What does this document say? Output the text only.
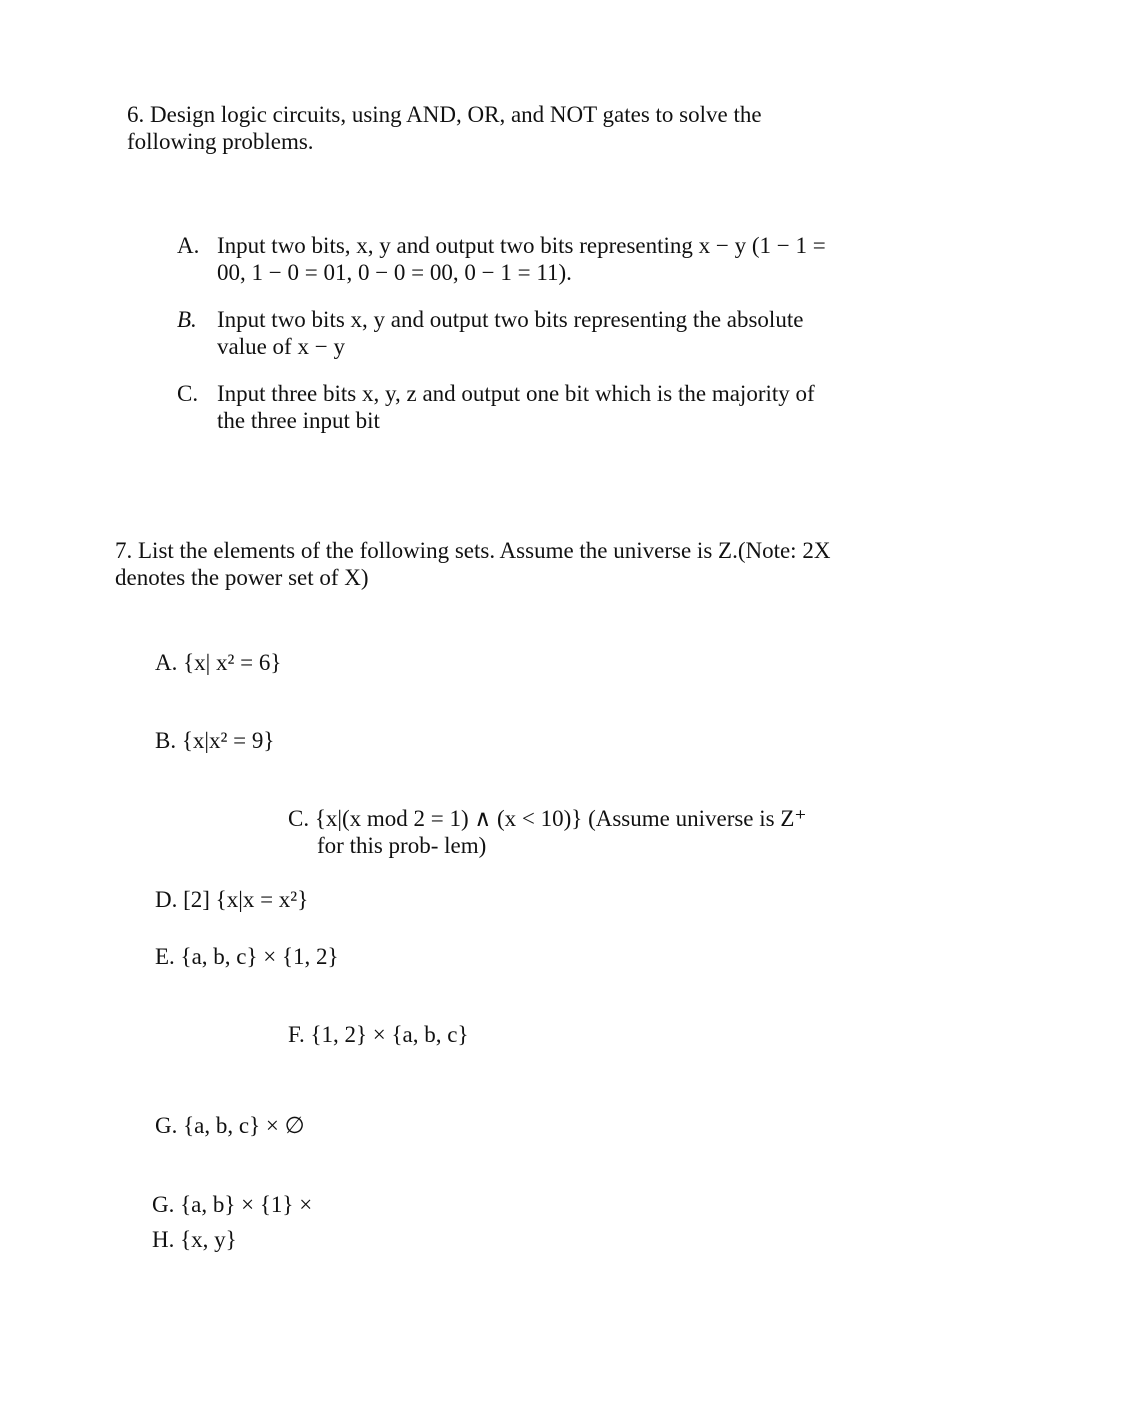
6. Design logic circuits, using AND, OR, and NOT gates to solve the
following problems.
A. Input two bits, x, y and output two bits representing x − y (1 − 1 =
00, 1 − 0 = 01, 0 − 0 = 00, 0 − 1 = 11).
B. Input two bits x, y and output two bits representing the absolute
value of x − y
C. Input three bits x, y, z and output one bit which is the majority of
the three input bit
7. List the elements of the following sets. Assume the universe is Z.(Note: 2X
denotes the power set of X)
A. {x| x² = 6}
B. {x|x² = 9}
C. {x|(x mod 2 = 1) ∧ (x < 10)} (Assume universe is Z⁺
for this prob- lem)
D. [2] {x|x = x²}
E. {a, b, c} × {1, 2}
F. {1, 2} × {a, b, c}
G. {a, b, c} × ∅
G. {a, b} × {1} ×
H. {x, y}
